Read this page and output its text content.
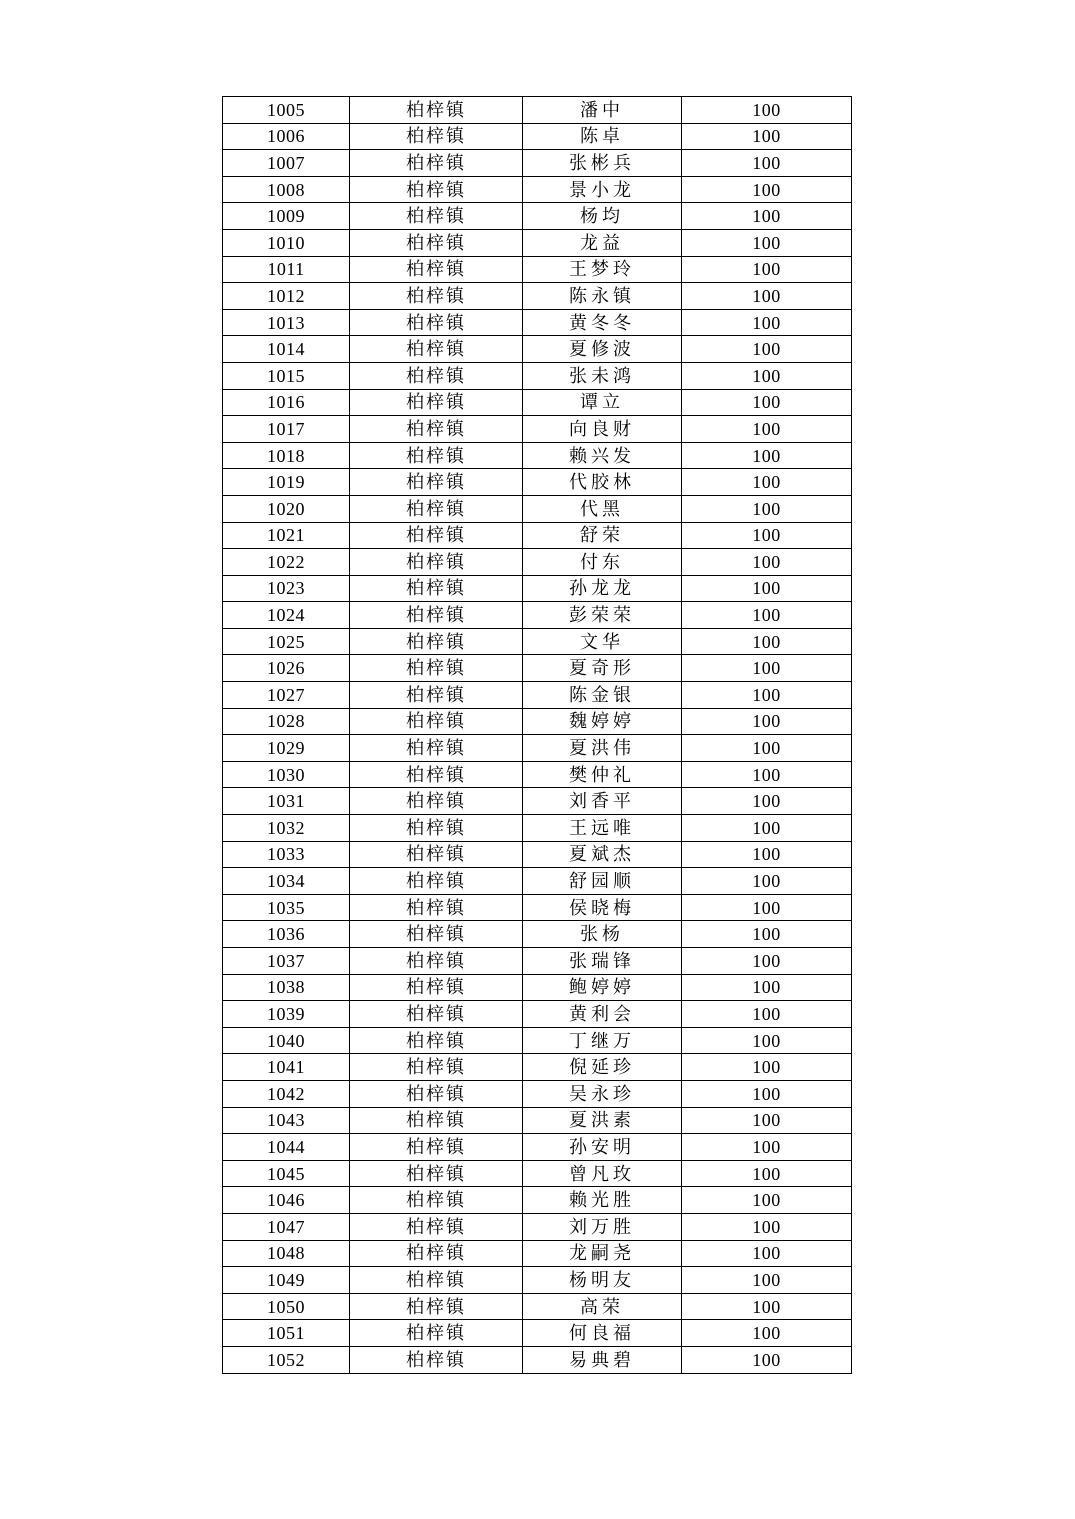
1005	柏梓镇	潘中	100
1006	柏梓镇	陈卓	100
1007	柏梓镇	张彬兵	100
1008	柏梓镇	景小龙	100
1009	柏梓镇	杨均	100
1010	柏梓镇	龙益	100
1011	柏梓镇	王梦玲	100
1012	柏梓镇	陈永镇	100
1013	柏梓镇	黄冬冬	100
1014	柏梓镇	夏修波	100
1015	柏梓镇	张未鸿	100
1016	柏梓镇	谭立	100
1017	柏梓镇	向良财	100
1018	柏梓镇	赖兴发	100
1019	柏梓镇	代胶林	100
1020	柏梓镇	代黑	100
1021	柏梓镇	舒荣	100
1022	柏梓镇	付东	100
1023	柏梓镇	孙龙龙	100
1024	柏梓镇	彭荣荣	100
1025	柏梓镇	文华	100
1026	柏梓镇	夏奇形	100
1027	柏梓镇	陈金银	100
1028	柏梓镇	魏婷婷	100
1029	柏梓镇	夏洪伟	100
1030	柏梓镇	樊仲礼	100
1031	柏梓镇	刘香平	100
1032	柏梓镇	王远唯	100
1033	柏梓镇	夏斌杰	100
1034	柏梓镇	舒园顺	100
1035	柏梓镇	侯晓梅	100
1036	柏梓镇	张杨	100
1037	柏梓镇	张瑞锋	100
1038	柏梓镇	鲍婷婷	100
1039	柏梓镇	黄利会	100
1040	柏梓镇	丁继万	100
1041	柏梓镇	倪延珍	100
1042	柏梓镇	吴永珍	100
1043	柏梓镇	夏洪素	100
1044	柏梓镇	孙安明	100
1045	柏梓镇	曾凡玫	100
1046	柏梓镇	赖光胜	100
1047	柏梓镇	刘万胜	100
1048	柏梓镇	龙嗣尧	100
1049	柏梓镇	杨明友	100
1050	柏梓镇	高荣	100
1051	柏梓镇	何良福	100
1052	柏梓镇	易典碧	100
